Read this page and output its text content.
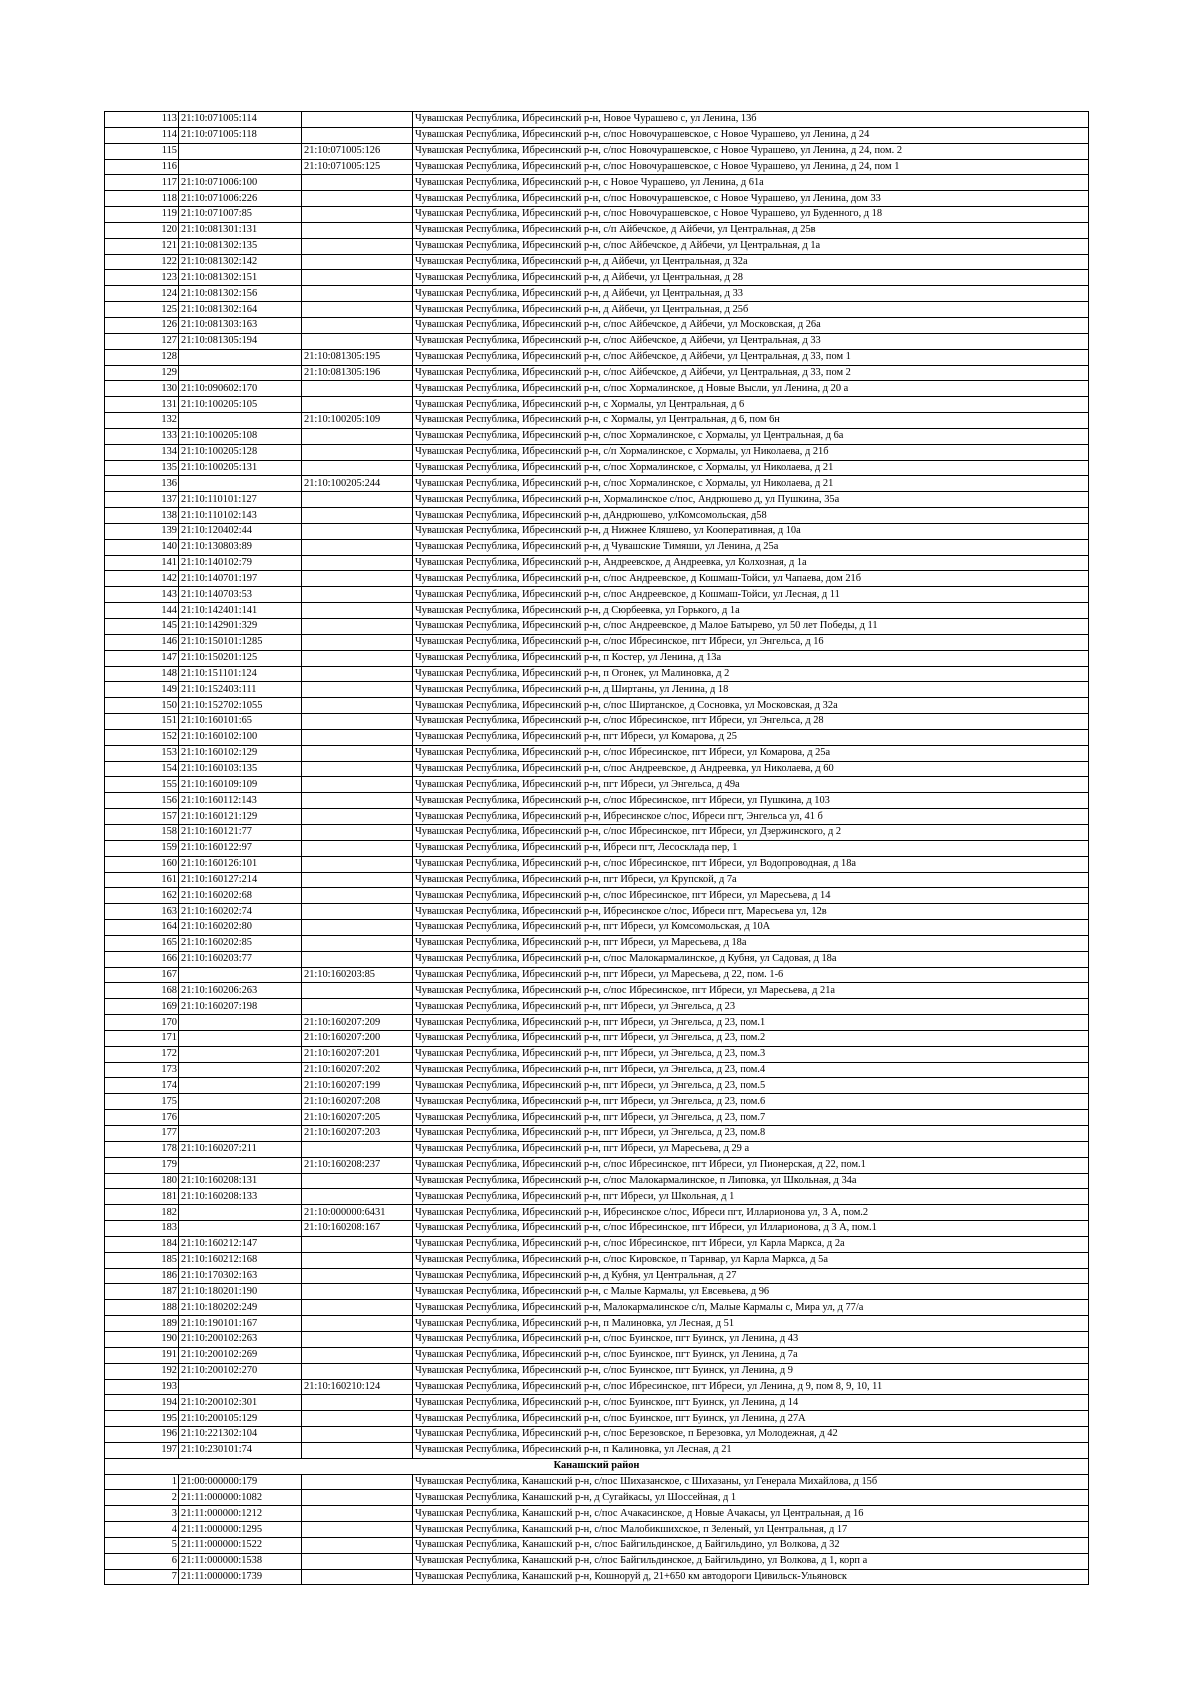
113	21:10:071005:114		Чувашская Республика, Ибресинский р-н, Новое Чурашево с, ул Ленина, 13б
114	21:10:071005:118		Чувашская Республика, Ибресинский р-н, с/пос Новочурашевское, с Новое Чурашево, ул Ленина, д 24
115		21:10:071005:126	Чувашская Республика, Ибресинский р-н, с/пос Новочурашевское, с Новое Чурашево, ул Ленина, д 24, пом. 2
116		21:10:071005:125	Чувашская Республика, Ибресинский р-н, с/пос Новочурашевское, с Новое Чурашево, ул Ленина, д 24, пом 1
117	21:10:071006:100		Чувашская Республика, Ибресинский р-н, с Новое Чурашево, ул Ленина, д 61а
118	21:10:071006:226		Чувашская Республика, Ибресинский р-н, с/пос Новочурашевское, с Новое Чурашево, ул Ленина, дом 33
119	21:10:071007:85		Чувашская Республика, Ибресинский р-н, с/пос Новочурашевское, с Новое Чурашево, ул Буденного, д 18
120	21:10:081301:131		Чувашская Республика, Ибресинский р-н, с/п Айбечское, д Айбечи, ул Центральная, д 25в
121	21:10:081302:135		Чувашская Республика, Ибресинский р-н, с/пос Айбечское, д Айбечи, ул Центральная, д 1а
122	21:10:081302:142		Чувашская Республика, Ибресинский р-н, д Айбечи, ул Центральная, д 32а
123	21:10:081302:151		Чувашская Республика, Ибресинский р-н, д Айбечи, ул Центральная, д 28
124	21:10:081302:156		Чувашская Республика, Ибресинский р-н, д Айбечи, ул Центральная, д 33
125	21:10:081302:164		Чувашская Республика, Ибресинский р-н, д Айбечи, ул Центральная, д 25б
126	21:10:081303:163		Чувашская Республика, Ибресинский р-н, с/пос Айбечское, д Айбечи, ул Московская, д 26а
127	21:10:081305:194		Чувашская Республика, Ибресинский р-н, с/пос Айбечское, д Айбечи, ул Центральная, д 33
128		21:10:081305:195	Чувашская Республика, Ибресинский р-н, с/пос Айбечское, д Айбечи, ул Центральная, д 33, пом 1
129		21:10:081305:196	Чувашская Республика, Ибресинский р-н, с/пос Айбечское, д Айбечи, ул Центральная, д 33, пом 2
130	21:10:090602:170		Чувашская Республика, Ибресинский р-н, с/пос Хормалинское, д Новые Высли, ул Ленина, д 20 а
131	21:10:100205:105		Чувашская Республика, Ибресинский р-н, с Хормалы, ул Центральная, д 6
132		21:10:100205:109	Чувашская Республика, Ибресинский р-н, с Хормалы, ул Центральная, д 6, пом 6н
133	21:10:100205:108		Чувашская Республика, Ибресинский р-н, с/пос Хормалинское, с Хормалы, ул Центральная, д 6а
134	21:10:100205:128		Чувашская Республика, Ибресинский р-н, с/п Хормалинское, с Хормалы, ул Николаева, д 21б
135	21:10:100205:131		Чувашская Республика, Ибресинский р-н, с/пос Хормалинское, с Хормалы, ул Николаева, д 21
136		21:10:100205:244	Чувашская Республика, Ибресинский р-н, с/пос Хормалинское, с Хормалы, ул Николаева, д 21
137	21:10:110101:127		Чувашская Республика, Ибресинский р-н, Хормалинское с/пос, Андрюшево д, ул Пушкина, 35а
138	21:10:110102:143		Чувашская Республика, Ибресинский р-н, дАндрюшево, улКомсомольская, д58
139	21:10:120402:44		Чувашская Республика, Ибресинский р-н, д Нижнее Кляшево, ул Кооперативная, д 10а
140	21:10:130803:89		Чувашская Республика, Ибресинский р-н, д Чувашские Тимяши, ул Ленина, д 25а
141	21:10:140102:79		Чувашская Республика, Ибресинский р-н, Андреевское, д Андреевка, ул Колхозная, д 1а
142	21:10:140701:197		Чувашская Республика, Ибресинский р-н, с/пос Андреевское, д Кошмаш-Тойси, ул Чапаева, дом 21б
143	21:10:140703:53		Чувашская Республика, Ибресинский р-н, с/пос Андреевское, д Кошмаш-Тойси, ул Лесная, д 11
144	21:10:142401:141		Чувашская Республика, Ибресинский р-н, д Сюрбеевка, ул Горького, д 1а
145	21:10:142901:329		Чувашская Республика, Ибресинский р-н, с/пос Андреевское, д Малое Батырево, ул 50 лет Победы, д 11
146	21:10:150101:1285		Чувашская Республика, Ибресинский р-н, с/пос Ибресинское, пгт Ибреси, ул Энгельса, д 16
147	21:10:150201:125		Чувашская Республика, Ибресинский р-н, п Костер, ул Ленина, д 13а
148	21:10:151101:124		Чувашская Республика, Ибресинский р-н, п Огонек, ул Малиновка, д 2
149	21:10:152403:111		Чувашская Республика, Ибресинский р-н, д Ширтаны, ул Ленина, д 18
150	21:10:152702:1055		Чувашская Республика, Ибресинский р-н, с/пос Ширтанское, д Сосновка, ул Московская, д 32а
151	21:10:160101:65		Чувашская Республика, Ибресинский р-н, с/пос Ибресинское, пгт Ибреси, ул Энгельса, д 28
152	21:10:160102:100		Чувашская Республика, Ибресинский р-н, пгт Ибреси, ул Комарова, д 25
153	21:10:160102:129		Чувашская Республика, Ибресинский р-н, с/пос Ибресинское, пгт Ибреси, ул Комарова, д 25а
154	21:10:160103:135		Чувашская Республика, Ибресинский р-н, с/пос Андреевское, д Андреевка, ул Николаева, д 60
155	21:10:160109:109		Чувашская Республика, Ибресинский р-н, пгт Ибреси, ул Энгельса, д 49а
156	21:10:160112:143		Чувашская Республика, Ибресинский р-н, с/пос Ибресинское, пгт Ибреси, ул Пушкина, д 103
157	21:10:160121:129		Чувашская Республика, Ибресинский р-н, Ибресинское с/пос, Ибреси пгт, Энгельса ул, 41 б
158	21:10:160121:77		Чувашская Республика, Ибресинский р-н, с/пос Ибресинское, пгт Ибреси, ул Дзержинского, д 2
159	21:10:160122:97		Чувашская Республика, Ибресинский р-н, Ибреси пгт, Лесосклада пер, 1
160	21:10:160126:101		Чувашская Республика, Ибресинский р-н, с/пос Ибресинское, пгт Ибреси, ул Водопроводная, д 18а
161	21:10:160127:214		Чувашская Республика, Ибресинский р-н, пгт Ибреси, ул Крупской, д 7а
162	21:10:160202:68		Чувашская Республика, Ибресинский р-н, с/пос Ибресинское, пгт Ибреси, ул Маресьева, д 14
163	21:10:160202:74		Чувашская Республика, Ибресинский р-н, Ибресинское с/пос, Ибреси пгт, Маресьева ул, 12в
164	21:10:160202:80		Чувашская Республика, Ибресинский р-н, пгт Ибреси, ул Комсомольская, д 10А
165	21:10:160202:85		Чувашская Республика, Ибресинский р-н, пгт Ибреси, ул Маресьева, д 18а
166	21:10:160203:77		Чувашская Республика, Ибресинский р-н, с/пос Малокармалинское, д Кубня, ул Садовая, д 18а
167		21:10:160203:85	Чувашская Республика, Ибресинский р-н, пгт Ибреси, ул Маресьева, д 22, пом. 1-6
168	21:10:160206:263		Чувашская Республика, Ибресинский р-н, с/пос Ибресинское, пгт Ибреси, ул Маресьева, д 21а
169	21:10:160207:198		Чувашская Республика, Ибресинский р-н, пгт Ибреси, ул Энгельса, д 23
170		21:10:160207:209	Чувашская Республика, Ибресинский р-н, пгт Ибреси, ул Энгельса, д 23, пом.1
171		21:10:160207:200	Чувашская Республика, Ибресинский р-н, пгт Ибреси, ул Энгельса, д 23, пом.2
172		21:10:160207:201	Чувашская Республика, Ибресинский р-н, пгт Ибреси, ул Энгельса, д 23, пом.3
173		21:10:160207:202	Чувашская Республика, Ибресинский р-н, пгт Ибреси, ул Энгельса, д 23, пом.4
174		21:10:160207:199	Чувашская Республика, Ибресинский р-н, пгт Ибреси, ул Энгельса, д 23, пом.5
175		21:10:160207:208	Чувашская Республика, Ибресинский р-н, пгт Ибреси, ул Энгельса, д 23, пом.6
176		21:10:160207:205	Чувашская Республика, Ибресинский р-н, пгт Ибреси, ул Энгельса, д 23, пом.7
177		21:10:160207:203	Чувашская Республика, Ибресинский р-н, пгт Ибреси, ул Энгельса, д 23, пом.8
178	21:10:160207:211		Чувашская Республика, Ибресинский р-н, пгт Ибреси, ул Маресьева, д 29 а
179		21:10:160208:237	Чувашская Республика, Ибресинский р-н, с/пос Ибресинское, пгт Ибреси, ул Пионерская, д 22, пом.1
180	21:10:160208:131		Чувашская Республика, Ибресинский р-н, с/пос Малокармалинское, п Липовка, ул Школьная, д 34а
181	21:10:160208:133		Чувашская Республика, Ибресинский р-н, пгт Ибреси, ул Школьная, д 1
182		21:10:000000:6431	Чувашская Республика, Ибресинский р-н, Ибресинское с/пос, Ибреси пгт, Илларионова ул, 3 А, пом.2
183		21:10:160208:167	Чувашская Республика, Ибресинский р-н, с/пос Ибресинское, пгт Ибреси, ул Илларионова, д 3 А, пом.1
184	21:10:160212:147		Чувашская Республика, Ибресинский р-н, с/пос Ибресинское, пгт Ибреси, ул Карла Маркса, д 2а
185	21:10:160212:168		Чувашская Республика, Ибресинский р-н, с/пос Кировское, п Тарнвар, ул Карла Маркса, д 5а
186	21:10:170302:163		Чувашская Республика, Ибресинский р-н, д Кубня, ул Центральная, д 27
187	21:10:180201:190		Чувашская Республика, Ибресинский р-н, с Малые Кармалы, ул Евсевьева, д 96
188	21:10:180202:249		Чувашская Республика, Ибресинский р-н, Малокармалинское с/п, Малые Кармалы с, Мира ул, д 77/а
189	21:10:190101:167		Чувашская Республика, Ибресинский р-н, п Малиновка, ул Лесная, д 51
190	21:10:200102:263		Чувашская Республика, Ибресинский р-н, с/пос Буинское, пгт Буинск, ул Ленина, д 43
191	21:10:200102:269		Чувашская Республика, Ибресинский р-н, с/пос Буинское, пгт Буинск, ул Ленина, д 7а
192	21:10:200102:270		Чувашская Республика, Ибресинский р-н, с/пос Буинское, пгт Буинск, ул Ленина, д 9
193		21:10:160210:124	Чувашская Республика, Ибресинский р-н, с/пос Ибресинское, пгт Ибреси, ул Ленина, д 9, пом 8, 9, 10, 11
194	21:10:200102:301		Чувашская Республика, Ибресинский р-н, с/пос Буинское, пгт Буинск, ул Ленина, д 14
195	21:10:200105:129		Чувашская Республика, Ибресинский р-н, с/пос Буинское, пгт Буинск, ул Ленина, д 27А
196	21:10:221302:104		Чувашская Республика, Ибресинский р-н, с/пос Березовское, п Березовка, ул Молодежная, д 42
197	21:10:230101:74		Чувашская Республика, Ибресинский р-н, п Калиновка, ул Лесная, д 21
Канашский район			
1	21:00:000000:179		Чувашская Республика, Канашский р-н, с/пос Шихазанское, с Шихазаны, ул Генерала Михайлова, д 15б
2	21:11:000000:1082		Чувашская Республика, Канашский р-н, д Сугайкасы, ул Шоссейная, д 1
3	21:11:000000:1212		Чувашская Республика, Канашский р-н, с/пос Ачакасинское, д Новые Ачакасы, ул Центральная, д 16
4	21:11:000000:1295		Чувашская Республика, Канашский р-н, с/пос Малобикшихское, п Зеленый, ул Центральная, д 17
5	21:11:000000:1522		Чувашская Республика, Канашский р-н, с/пос Байгильдинское, д Байгильдино, ул Волкова, д 32
6	21:11:000000:1538		Чувашская Республика, Канашский р-н, с/пос Байгильдинское, д Байгильдино, ул Волкова, д 1, корп а
7	21:11:000000:1739		Чувашская Республика, Канашский р-н, Кошноруй д, 21+650 км автодороги Цивильск-Ульяновск
